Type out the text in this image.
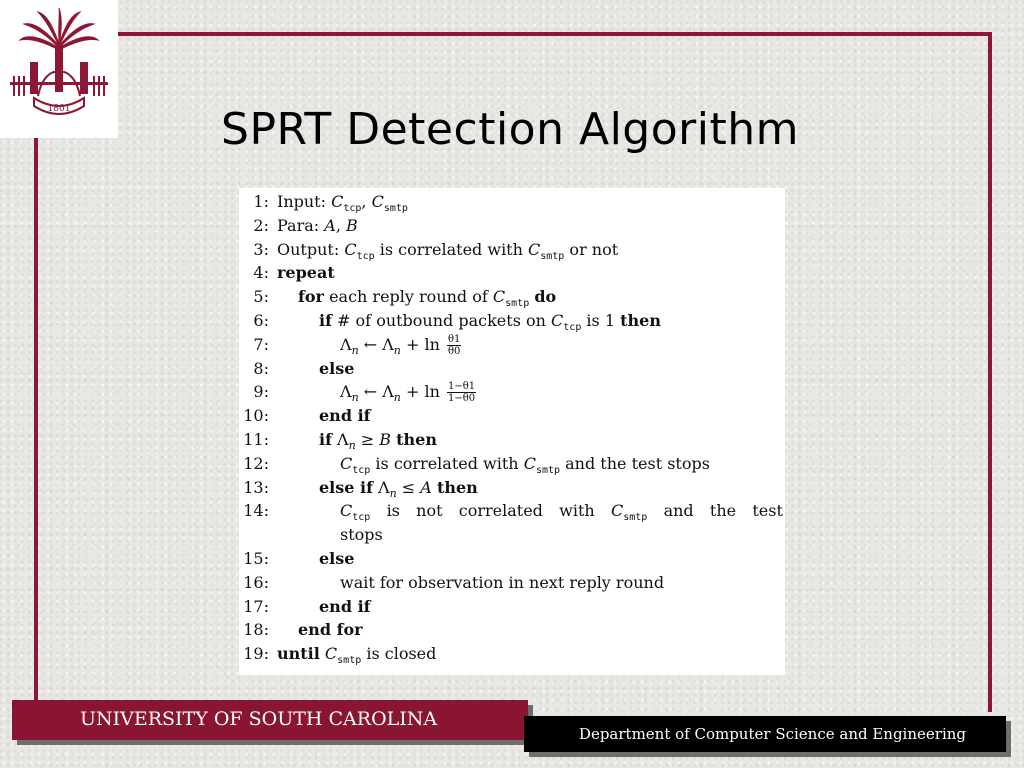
1801	SPRT Detection Algorithm
1: Input: $C_{tcp}$, $C_{smtp}$
2: Para: A, B
3: Output: $C_{tcp}$ is correlated with $C_{smtp}$ or not
4: repeat
5: for each reply round of $C_{smtp}$ do
6:	if # of outbound packets on $C_{tcp}$ is 1 then
7:	$\Lambda_n$ ← $\Lambda_n + \ln \frac{\theta 1}{\theta 0}$
8:	else
9:	$\Lambda_n$ ← $\Lambda_n + \ln \frac{1-\theta 1}{1-\theta 0}$
10:	end if
11:	if $\Lambda_n \ge B$ then
12:	$C_{tcp}$ is correlated with $C_{smtp}$ and the test stops
13:	else if $\Lambda_n \le A$ then
14:	$C_{tcp}$ is not correlated with $C_{smtp}$ and the test
stops
15:	else
16:	wait for observation in next reply round
17:	end if
18: end for
19: until $C_{smtp}$ is closed
UNIVERSITY OF SOUTH CAROLINA
Department of Computer Science and Engineering
